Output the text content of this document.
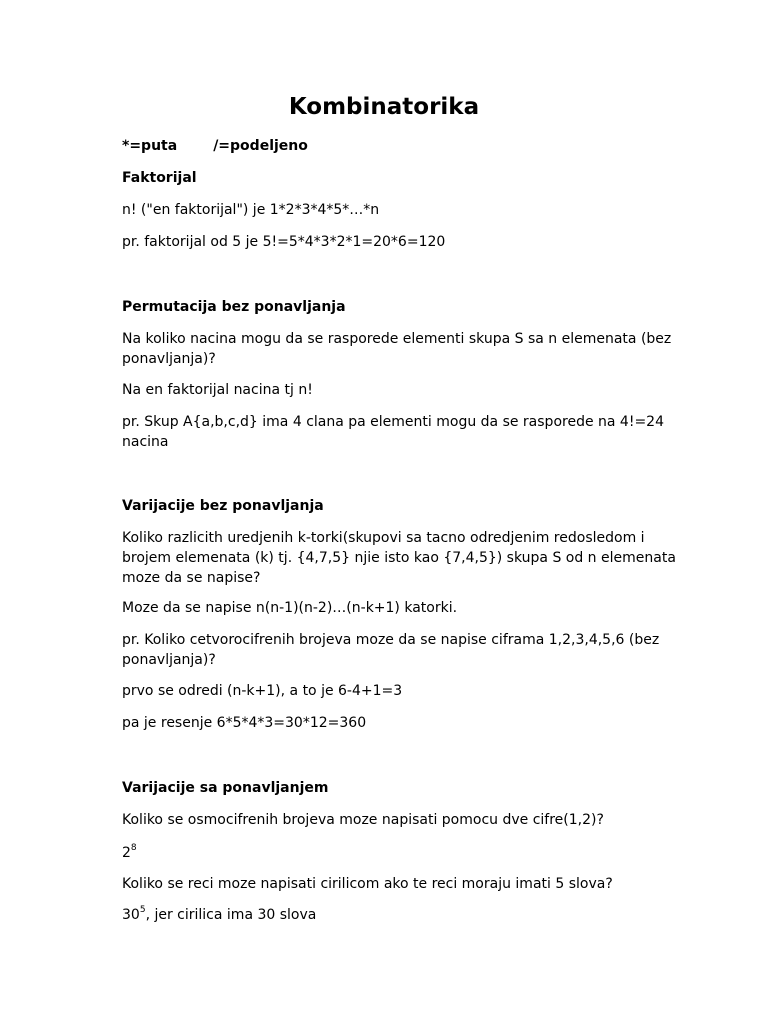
Kombinatorika

*=puta	/=podeljeno

Faktorijal

n! ("en faktorijal") je 1*2*3*4*5*…*n

pr. faktorijal od 5 je 5!=5*4*3*2*1=20*6=120

Permutacija bez ponavljanja

Na koliko nacina mogu da se rasporede elementi skupa S sa n elemenata (bez ponavljanja)?

Na en faktorijal nacina tj n!

pr. Skup A{a,b,c,d} ima 4 clana pa elementi mogu da se rasporede na 4!=24 nacina

Varijacije bez ponavljanja

Koliko razlicith uredjenih k-torki(skupovi sa tacno odredjenim redosledom i brojem elemenata (k) tj. {4,7,5} njie isto kao {7,4,5}) skupa S od n elemenata moze da se napise?

Moze da se napise n(n-1)(n-2)…(n-k+1) katorki.

pr. Koliko cetvorocifrenih brojeva moze da se napise ciframa 1,2,3,4,5,6 (bez ponavljanja)?

prvo se odredi (n-k+1), a to je 6-4+1=3

pa je resenje 6*5*4*3=30*12=360

Varijacije sa ponavljanjem

Koliko se osmocifrenih brojeva moze napisati pomocu dve cifre(1,2)?

$2^8$

Koliko se reci moze napisati cirilicom ako te reci moraju imati 5 slova?

$30^5$, jer cirilica ima 30 slova
